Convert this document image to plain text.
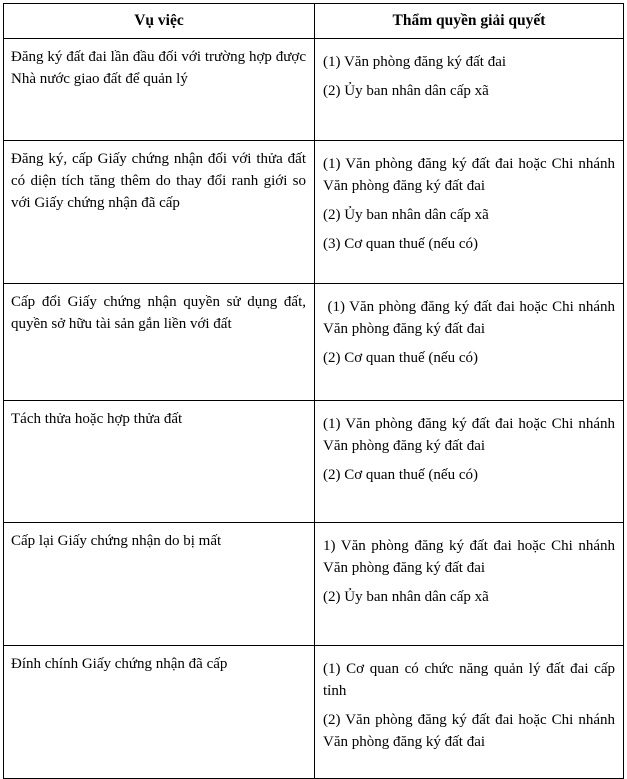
Vụ việc	Thẩm quyền giải quyết
Đăng ký đất đai lần đầu đối với trường hợp được Nhà nước giao đất để quản lý	(1) Văn phòng đăng ký đất đai

(2) Ủy ban nhân dân cấp xã

Đăng ký, cấp Giấy chứng nhận đối với thửa đất có diện tích tăng thêm do thay đổi ranh giới so với Giấy chứng nhận đã cấp	(1) Văn phòng đăng ký đất đai hoặc Chi nhánh Văn phòng đăng ký đất đai

(2) Ủy ban nhân dân cấp xã

(3) Cơ quan thuế (nếu có)

Cấp đổi Giấy chứng nhận quyền sử dụng đất, quyền sở hữu tài sản gắn liền với đất	(1) Văn phòng đăng ký đất đai hoặc Chi nhánh Văn phòng đăng ký đất đai

(2) Cơ quan thuế (nếu có)

Tách thửa hoặc hợp thửa đất	(1) Văn phòng đăng ký đất đai hoặc Chi nhánh Văn phòng đăng ký đất đai

(2) Cơ quan thuế (nếu có)

Cấp lại Giấy chứng nhận do bị mất	1) Văn phòng đăng ký đất đai hoặc Chi nhánh Văn phòng đăng ký đất đai

(2) Ủy ban nhân dân cấp xã

Đính chính Giấy chứng nhận đã cấp	(1) Cơ quan có chức năng quản lý đất đai cấp tỉnh

(2) Văn phòng đăng ký đất đai hoặc Chi nhánh Văn phòng đăng ký đất đai
